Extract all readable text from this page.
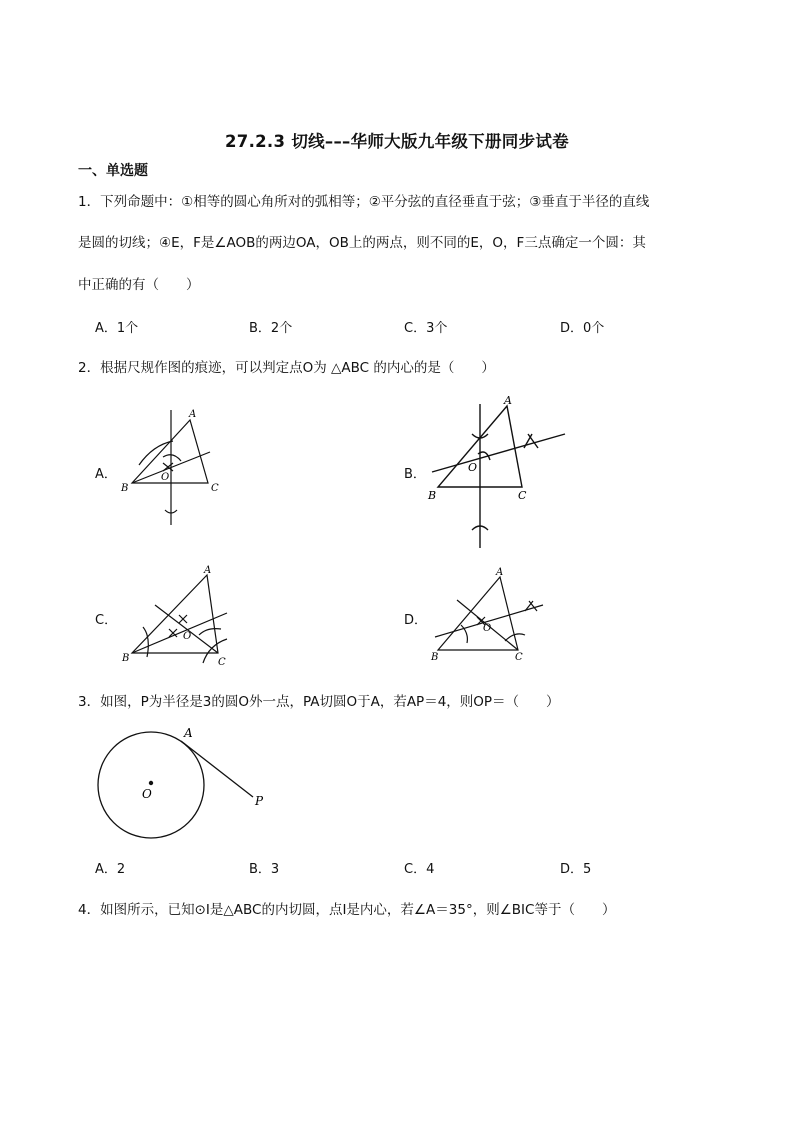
27.2.3 切线–––华师大版九年级下册同步试卷
一、单选题
1．下列命题中：①相等的圆心角所对的弧相等；②平分弦的直径垂直于弦；③垂直于半径的直线
是圆的切线；④E，F是∠AOB的两边OA，OB上的两点，则不同的E，O，F三点确定一个圆：其
中正确的有（　　）
A．1个	B．2个	C．3个	D．0个
2．根据尺规作图的痕迹，可以判定点O为 △ABC 的内心的是（　　）
A．
A
B	C
O	B．
A
B	C
O
C．
A
B	C
O
D．
A
B	C
O
3．如图，P为半径是3的圆O外一点，PA切圆O于A，若AP＝4，则OP＝（　　）
A
O	P
A．2	B．3	C．4	D．5
4．如图所示，已知⊙I是△ABC的内切圆，点I是内心，若∠A＝35°，则∠BIC等于（　　）
